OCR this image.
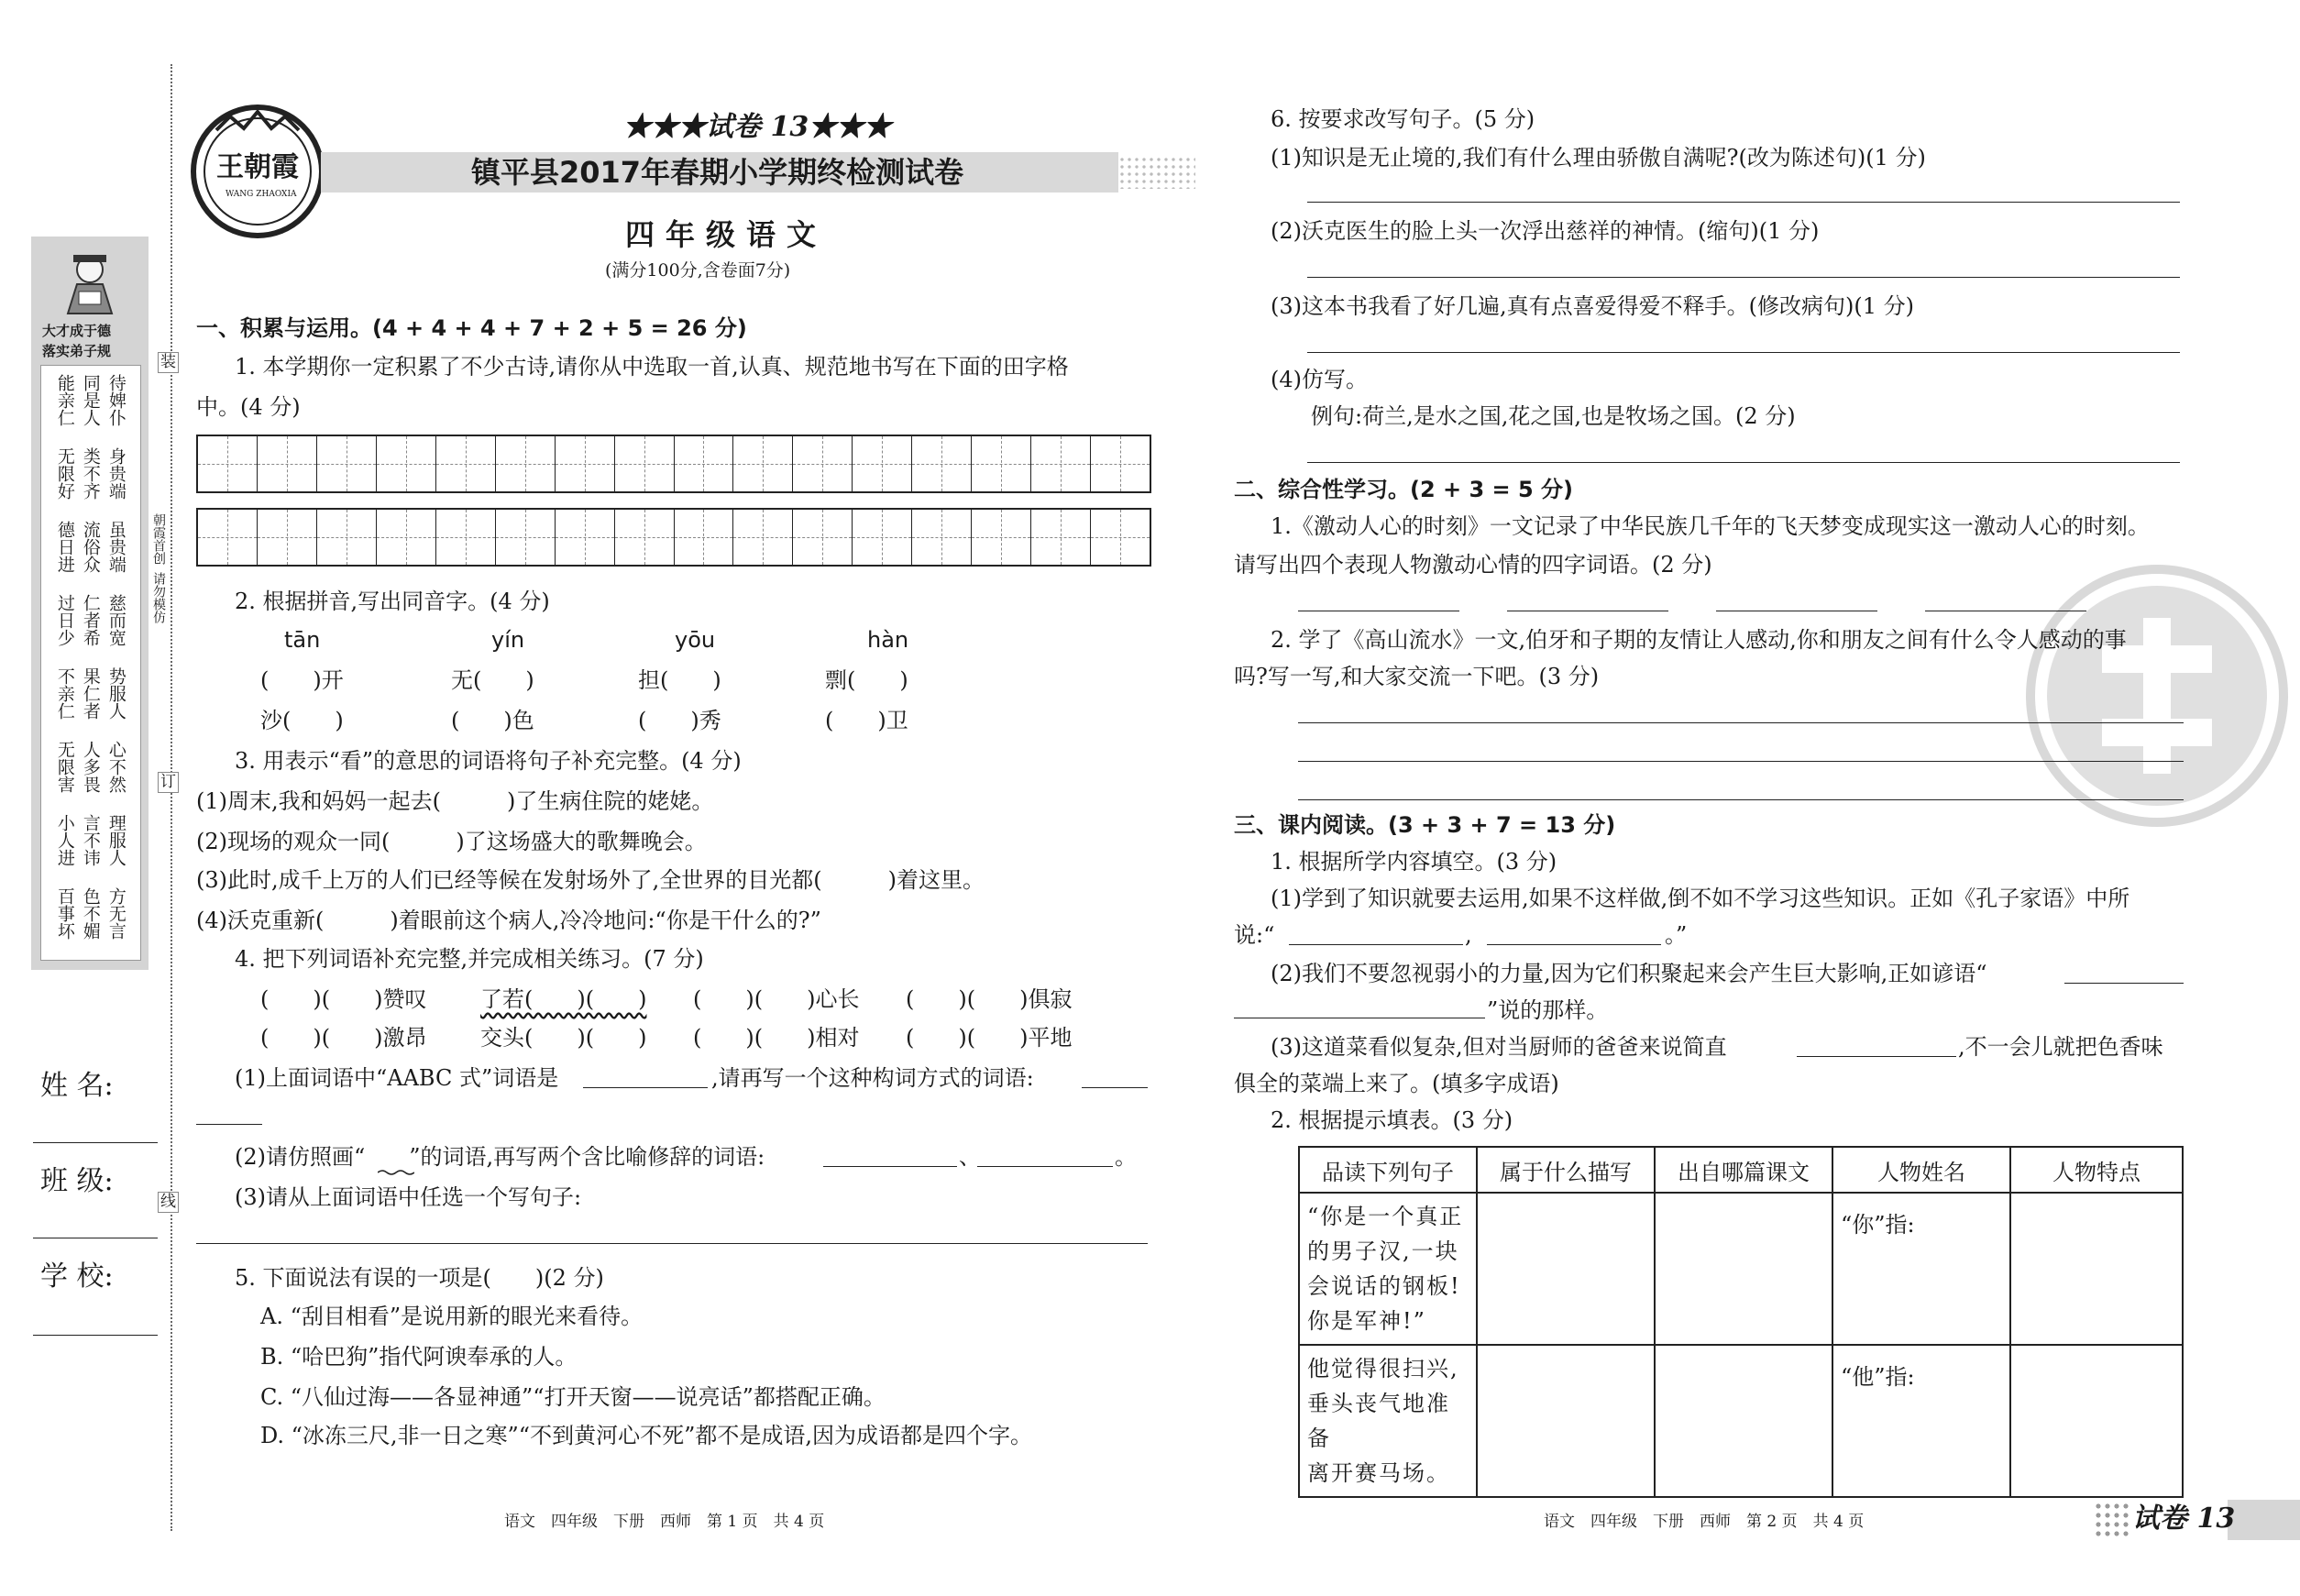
大才成于德
落实弟子规
能亲仁 同是人 待婢仆
无限好 类不齐 身贵端
德日进 流俗众 虽贵端
过日少 仁者希 慈而宽
不亲仁 果仁者 势服人
无限害 人多畏 心不然
小人进 言不讳 理服人
百事坏 色不媚 方无言
装
订
线
朝霞首创
请勿模仿
姓 名:
班 级:
学 校:
王朝霞
WANG ZHAOXIA
★★★试卷 13★★★
镇平县2017年春期小学期终检测试卷
四年级语文
(满分100分,含卷面7分)
一、积累与运用。(4 + 4 + 4 + 7 + 2 + 5 = 26 分)
1. 本学期你一定积累了不少古诗,请你从中选取一首,认真、规范地书写在下面的田字格
中。(4 分)
2. 根据拼音,写出同音字。(4 分)
tān	yín	yōu	hàn
(　　)开	无(　　)	担(　　)	剽(　　)
沙(　　)	(　　)色	(　　)秀	(　　)卫
3. 用表示“看”的意思的词语将句子补充完整。(4 分)
(1)周末,我和妈妈一起去(　　　)了生病住院的姥姥。
(2)现场的观众一同(　　　)了这场盛大的歌舞晚会。
(3)此时,成千上万的人们已经等候在发射场外了,全世界的目光都(　　　)着这里。
(4)沃克重新(　　　)着眼前这个病人,冷冷地问:“你是干什么的?”
4. 把下列词语补充完整,并完成相关练习。(7 分)
(　　)(　　)赞叹 了若(　　)(　　) (　　)(　　)心长 (　　)(　　)俱寂
(　　)(　　)激昂 交头(　　)(　　) (　　)(　　)相对 (　　)(　　)平地
(1)上面词语中“AABC 式”词语是	,请再写一个这种构词方式的词语:
(2)请仿照画“　　”的词语,再写两个含比喻修辞的词语:	、	。
(3)请从上面词语中任选一个写句子:
5. 下面说法有误的一项是(　　)(2 分)
A. “刮目相看”是说用新的眼光来看待。
B. “哈巴狗”指代阿谀奉承的人。
C. “八仙过海——各显神通”“打开天窗——说亮话”都搭配正确。
D. “冰冻三尺,非一日之寒”“不到黄河心不死”都不是成语,因为成语都是四个字。
语文　四年级　下册　西师　第 1 页　共 4 页
6. 按要求改写句子。(5 分)
(1)知识是无止境的,我们有什么理由骄傲自满呢?(改为陈述句)(1 分)
(2)沃克医生的脸上头一次浮出慈祥的神情。(缩句)(1 分)
(3)这本书我看了好几遍,真有点喜爱得爱不释手。(修改病句)(1 分)
(4)仿写。
例句:荷兰,是水之国,花之国,也是牧场之国。(2 分)
二、综合性学习。(2 + 3 = 5 分)
1.《激动人心的时刻》一文记录了中华民族几千年的飞天梦变成现实这一激动人心的时刻。
请写出四个表现人物激动心情的四字词语。(2 分)
2. 学了《高山流水》一文,伯牙和子期的友情让人感动,你和朋友之间有什么令人感动的事
吗?写一写,和大家交流一下吧。(3 分)
三、课内阅读。(3 + 3 + 7 = 13 分)
1. 根据所学内容填空。(3 分)
(1)学到了知识就要去运用,如果不这样做,倒不如不学习这些知识。正如《孔子家语》中所
说:“	,	。”
(2)我们不要忽视弱小的力量,因为它们积聚起来会产生巨大影响,正如谚语“
”说的那样。
(3)这道菜看似复杂,但对当厨师的爸爸来说简直	,不一会儿就把色香味
俱全的菜端上来了。(填多字成语)
2. 根据提示填表。(3 分)
品读下列句子	属于什么描写	出自哪篇课文	人物姓名	人物特点

“你是一个真正
的男子汉,一块
会说话的钢板!
你是军神!”			“你”指:	

他觉得很扫兴,
垂头丧气地准备
离开赛马场。			“他”指:	

语文　四年级　下册　西师　第 2 页　共 4 页	试卷 13
